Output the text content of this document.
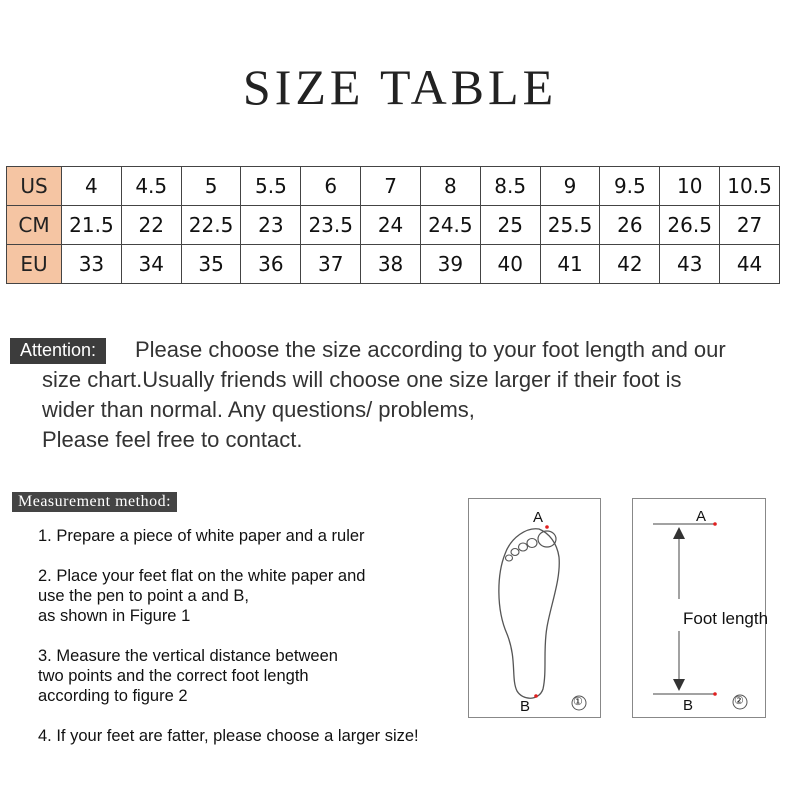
SIZE TABLE
US	4	4.5	5	5.5	6	7	8	8.5	9	9.5	10	10.5
CM	21.5	22	22.5	23	23.5	24	24.5	25	25.5	26	26.5	27
EU	33	34	35	36	37	38	39	40	41	42	43	44
Attention:	Please choose the size according to your foot length and our
size chart.Usually friends will choose one size larger if their foot is
wider than normal. Any questions/ problems,
Please feel free to contact.
Measurement method:
1. Prepare a piece of white paper and a ruler
2. Place your feet flat on the white paper and
use the pen to point a and B,
as shown in Figure 1
3. Measure the vertical distance between
two points and the correct foot length
according to figure 2
4. If your feet are fatter, please choose a larger size!
A
B	①
A
B
Foot length
②
